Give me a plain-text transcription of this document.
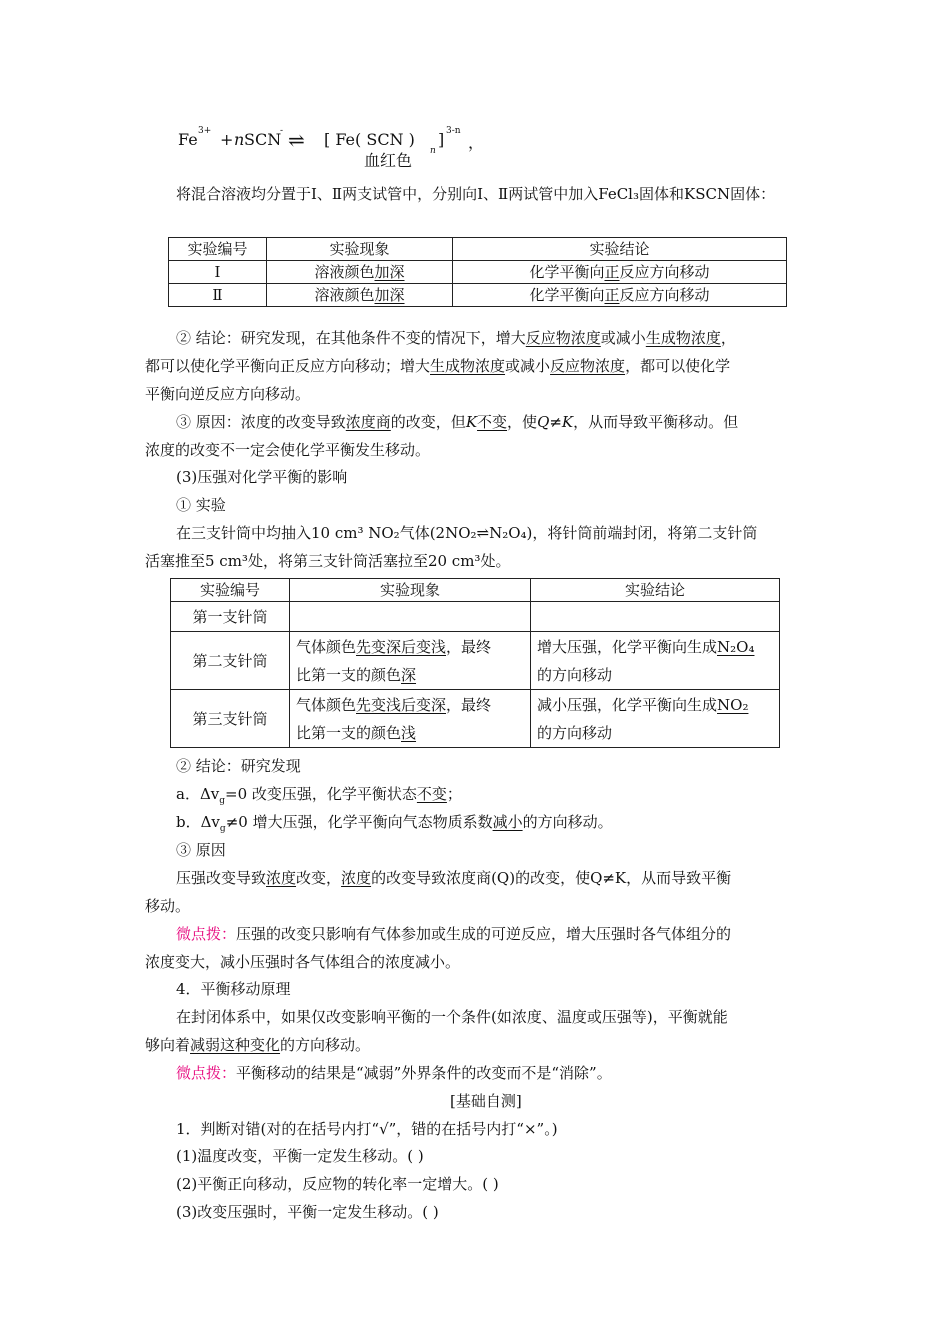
Fe 3+ + n SCN
- ⇌ [ Fe( SCN )
n
] 3-n
，
血红色
将混合溶液均分置于Ⅰ、Ⅱ两支试管中，分别向Ⅰ、Ⅱ两试管中加入FeCl₃固体和KSCN固体：
实验编号	实验现象	实验结论
Ⅰ	溶液颜色加深	化学平衡向正反应方向移动
Ⅱ	溶液颜色加深	化学平衡向正反应方向移动
② 结论：研究发现，在其他条件不变的情况下，增大反应物浓度或减小生成物浓度，
都可以使化学平衡向正反应方向移动；增大生成物浓度或减小反应物浓度，都可以使化学
平衡向逆反应方向移动。
③ 原因：浓度的改变导致浓度商的改变，但K不变，使Q≠K，从而导致平衡移动。但
浓度的改变不一定会使化学平衡发生移动。
(3)压强对化学平衡的影响
① 实验
在三支针筒中均抽入10 cm³ NO₂气体(2NO₂⇌N₂O₄)，将针筒前端封闭，将第二支针筒
活塞推至5 cm³处，将第三支针筒活塞拉至20 cm³处。
实验编号	实验现象	实验结论
第一支针筒		
第二支针筒	气体颜色先变深后变浅，最终
比第一支的颜色深	增大压强，化学平衡向生成N₂O₄
的方向移动
第三支针筒	气体颜色先变浅后变深，最终
比第一支的颜色浅	减小压强，化学平衡向生成NO₂
的方向移动
② 结论：研究发现
a．$\Delta v_g=0$ 改变压强，化学平衡状态不变；
b．$\Delta v_g\ne 0$ 增大压强，化学平衡向气态物质系数减小的方向移动。
③ 原因
压强改变导致浓度改变，浓度的改变导致浓度商(Q)的改变，使Q≠K，从而导致平衡
移动。
微点拨：压强的改变只影响有气体参加或生成的可逆反应，增大压强时各气体组分的
浓度变大，减小压强时各气体组合的浓度减小。
4．平衡移动原理
在封闭体系中，如果仅改变影响平衡的一个条件(如浓度、温度或压强等)，平衡就能
够向着减弱这种变化的方向移动。
微点拨：平衡移动的结果是“减弱”外界条件的改变而不是“消除”。
[基础自测]
1．判断对错(对的在括号内打“√”，错的在括号内打“×”。)
(1)温度改变，平衡一定发生移动。( )
(2)平衡正向移动，反应物的转化率一定增大。( )
(3)改变压强时，平衡一定发生移动。( )
